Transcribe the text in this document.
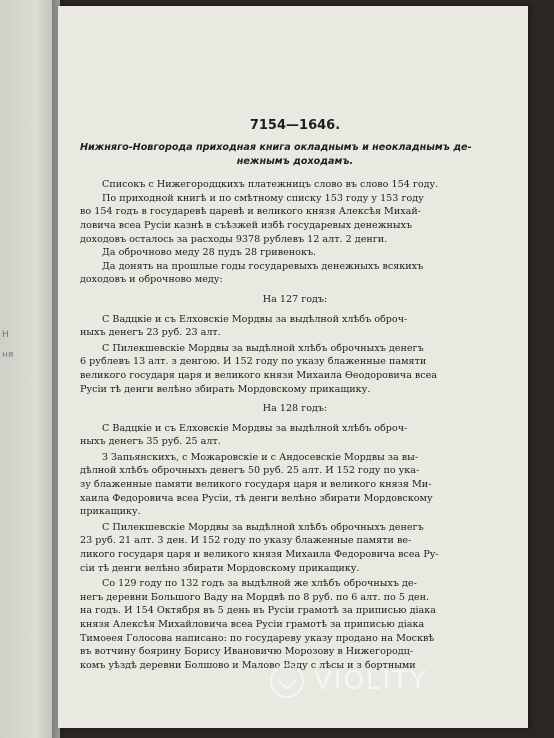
Н
ня
7154—1646.
Нижняго-Новгорода приходная книга окладнымъ и неокладнымъ де-
нежнымъ доходамъ.
Списокъ с Нижегородцкихъ платежницъ слово въ слово 154 году.
По приходной книгѣ и по смѣтному списку 153 году у 153 году
во 154 годъ в государевѣ царевѣ и великого князя Алексѣя Михай-
ловича всеа Русіи казнѣ в съѣзжей избѣ государевых денежныхъ
доходовъ осталось за расходы 9378 рублевъ 12 алт. 2 денги.
Да оброчново меду 28 пудъ 28 гривенокъ.
Да донять на прошлые годы государевыхъ денежныхъ всякихъ
доходовъ и оброчново меду:
На 127 годъ:
С Вадцкіе и съ Елховскіе Мордвы за выдѣлной хлѣбъ оброч-
ныхъ денегъ 23 руб. 23 алт.
С Пилекшевскіе Мордвы за выдѣлной хлѣбъ оброчныхъ денегъ
6 рублевъ 13 алт. з денгою. И 152 году по указу блаженные памяти
великого государя царя и великого князя Михаила Ѳеодоровича всеа
Русіи тѣ денги велѣно збирать Мордовскому прикащику.
На 128 годъ:
С Вадцкіе и съ Елховскіе Мордвы за выдѣлной хлѣбъ оброч-
ныхъ денегъ 35 руб. 25 алт.
З Запьянскихъ, с Можаровскіе и с Андосевскіе Мордвы за вы-
дѣлной хлѣбъ оброчныхъ денегъ 50 руб. 25 алт. И 152 году по ука-
зу блаженные памяти великого государя царя и великого князя Ми-
хаила Федоровича всеа Русіи, тѣ денги велѣно збирати Мордовскому
прикащику.
С Пилекшевскіе Мордвы за выдѣлной хлѣбъ оброчныхъ денегъ
23 руб. 21 алт. 3 ден. И 152 году по указу блаженные памяти ве-
ликого государя царя и великого князя Михаила Федоровича всеа Ру-
сіи тѣ денги велѣно збирати Мордовскому прикащику.
Со 129 году по 132 годъ за выдѣлной же хлѣбъ оброчныхъ де-
негъ деревни Большого Ваду на Мордвѣ по 8 руб. по 6 алт. по 5 ден.
на годъ. И 154 Октября въ 5 день въ Русіи грамотѣ за приписью діака
князя Алексѣя Михайловича всеа Русіи грамотѣ за приписью діака
Тимоѳея Голосова написано: по государеву указу продано на Москвѣ
въ вотчину боярину Борису Ивановичю Морозову в Нижегородц-
комъ уѣздѣ деревни Болшово и Малово Ваду с лѣсы и з бортными
VIOLITY
